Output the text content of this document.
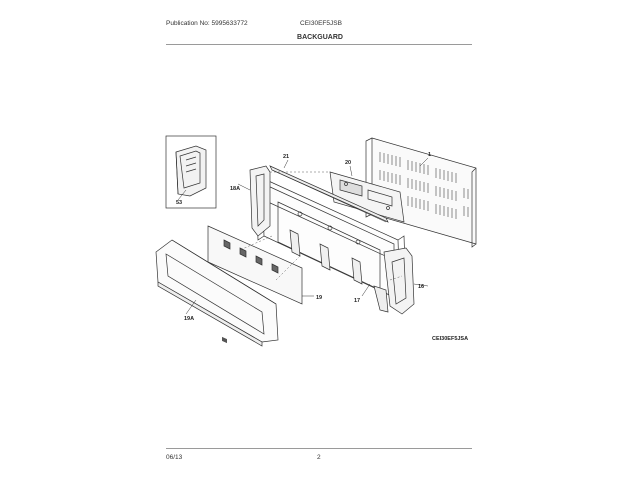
Publication No: 5995633772	CEI30EF5JSB
BACKGUARD
1
16
17
18A
19
19A
20
21
53
CEI30EF5JSA
06/13	2
